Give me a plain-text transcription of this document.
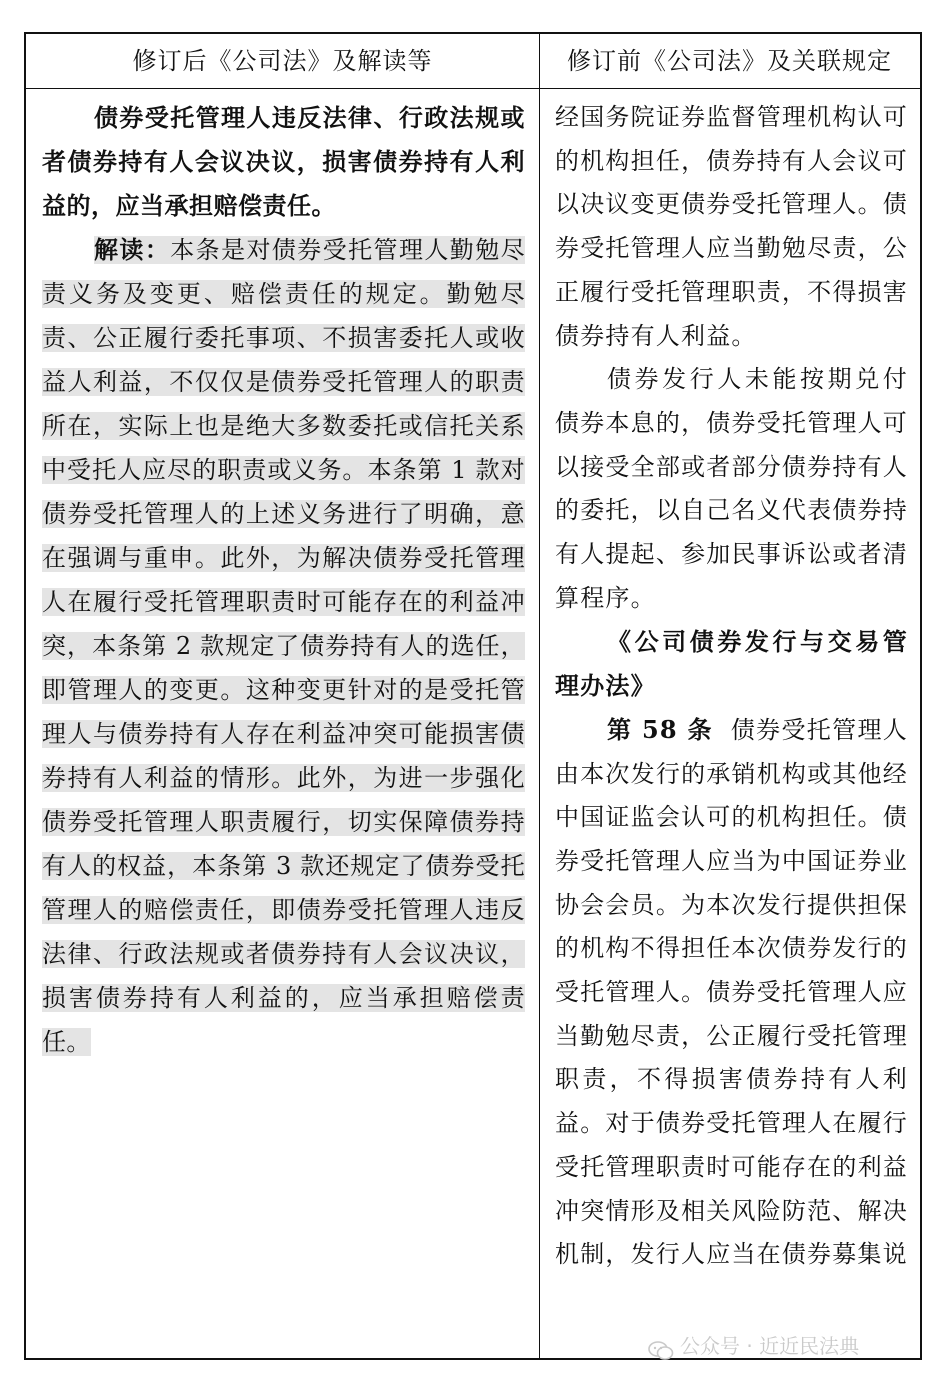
修订后《公司法》及解读等	修订前《公司法》及关联规定

债券受托管理人违反法律、行政法规或者债券持有人会议决议，损害债券持有人利益的，应当承担赔偿责任。

解读：本条是对债券受托管理人勤勉尽责义务及变更、赔偿责任的规定。勤勉尽责、公正履行委托事项、不损害委托人或收益人利益，不仅仅是债券受托管理人的职责所在，实际上也是绝大多数委托或信托关系中受托人应尽的职责或义务。本条第 1 款对债券受托管理人的上述义务进行了明确，意在强调与重申。此外，为解决债券受托管理人在履行受托管理职责时可能存在的利益冲突，本条第 2 款规定了债券持有人的选任，即管理人的变更。这种变更针对的是受托管理人与债券持有人存在利益冲突可能损害债券持有人利益的情形。此外，为进一步强化债券受托管理人职责履行，切实保障债券持有人的权益，本条第 3 款还规定了债券受托管理人的赔偿责任，即债券受托管理人违反法律、行政法规或者债券持有人会议决议，损害债券持有人利益的，应当承担赔偿责任。

经国务院证券监督管理机构认可的机构担任，债券持有人会议可以决议变更债券受托管理人。债券受托管理人应当勤勉尽责，公正履行受托管理职责，不得损害债券持有人利益。

债券发行人未能按期兑付债券本息的，债券受托管理人可以接受全部或者部分债券持有人的委托，以自己名义代表债券持有人提起、参加民事诉讼或者清算程序。

《公司债券发行与交易管理办法》

第 58 条 债券受托管理人由本次发行的承销机构或其他经中国证监会认可的机构担任。债券受托管理人应当为中国证券业协会会员。为本次发行提供担保的机构不得担任本次债券发行的受托管理人。债券受托管理人应当勤勉尽责，公正履行受托管理职责，不得损害债券持有人利益。对于债券受托管理人在履行受托管理职责时可能存在的利益冲突情形及相关风险防范、解决机制，发行人应当在债券募集说

公众号 · 近近民法典
